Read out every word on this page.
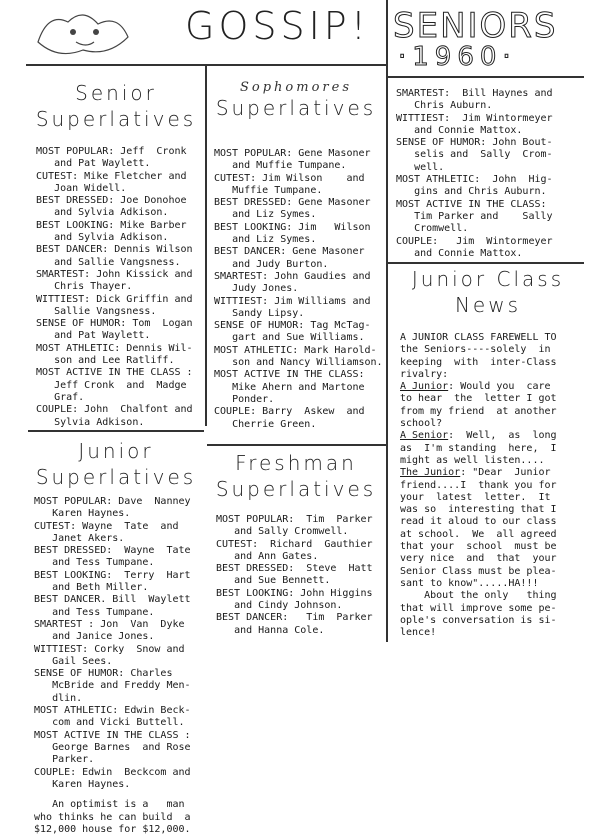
GOSSIP! SENIORS
·1960·
Senior
Superlatives

MOST POPULAR: Jeff  Cronk
and Pat Waylett.

CUTEST: Mike Fletcher and
Joan Widell.

BEST DRESSED: Joe Donohoe
and Sylvia Adkison.

BEST LOOKING: Mike Barber
and Sylvia Adkison.

BEST DANCER: Dennis Wilson
and Sallie Vangsness.

SMARTEST: John Kissick and
Chris Thayer.

WITTIEST: Dick Griffin and
Sallie Vangsness.

SENSE OF HUMOR: Tom  Logan
and Pat Waylett.

MOST ATHLETIC: Dennis Wil-
son and Lee Ratliff.

MOST ACTIVE IN THE CLASS :
Jeff Cronk  and  Madge
Graf.

COUPLE: John  Chalfont and
Sylvia Adkison.

Junior
Superlatives

MOST POPULAR: Dave  Nanney
Karen Haynes.

CUTEST: Wayne  Tate  and
Janet Akers.

BEST DRESSED:  Wayne  Tate
and Tess Tumpane.

BEST LOOKING:  Terry  Hart
and Beth Miller.

BEST DANCER. Bill  Waylett
and Tess Tumpane.

SMARTEST : Jon  Van  Dyke
and Janice Jones.

WITTIEST: Corky  Snow and
Gail Sees.

SENSE OF HUMOR: Charles
McBride and Freddy Men-
dlin.

MOST ATHLETIC: Edwin Beck-
com and Vicki Buttell.

MOST ACTIVE IN THE CLASS :
George Barnes  and Rose
Parker.

COUPLE: Edwin  Beckcom and
Karen Haynes.

An optimist is a   man
who thinks he can build  a
$12,000 house for $12,000.

Sophomores
Superlatives

MOST POPULAR: Gene Masoner
and Muffie Tumpane.

CUTEST: Jim Wilson    and
Muffie Tumpane.

BEST DRESSED: Gene Masoner
and Liz Symes.

BEST LOOKING: Jim   Wilson
and Liz Symes.

BEST DANCER: Gene Masoner
and Judy Burton.

SMARTEST: John Gaudies and
Judy Jones.

WITTIEST: Jim Williams and
Sandy Lipsy.

SENSE OF HUMOR: Tag McTag-
gart and Sue Williams.

MOST ATHLETIC: Mark Harold-
son and Nancy Williamson.

MOST ACTIVE IN THE CLASS:
Mike Ahern and Martone
Ponder.

COUPLE: Barry  Askew  and
Cherrie Green.

Freshman
Superlatives

MOST POPULAR:  Tim  Parker
and Sally Cromwell.

CUTEST:  Richard  Gauthier
and Ann Gates.

BEST DRESSED:  Steve  Hatt
and Sue Bennett.

BEST LOOKING: John Higgins
and Cindy Johnson.

BEST DANCER:   Tim  Parker
and Hanna Cole.

SMARTEST:  Bill Haynes and
Chris Auburn.

WITTIEST:  Jim Wintormeyer
and Connie Mattox.

SENSE OF HUMOR: John Bout-
selis and  Sally  Crom-
well.

MOST ATHLETIC:  John  Hig-
gins and Chris Auburn.

MOST ACTIVE IN THE CLASS:
Tim Parker and    Sally
Cromwell.

COUPLE:   Jim  Wintormeyer
and Connie Mattox.

Junior Class
News

A JUNIOR CLASS FAREWELL TO
the Seniors----solely  in
keeping  with  inter-Class
rivalry:

A Junior: Would you  care
to hear  the  letter I got
from my friend  at another
school?

A Senior:  Well,  as  long
as  I'm standing  here,  I
might as well listen....

The Junior: "Dear  Junior
friend....I  thank you for
your  latest  letter.  It
was so  interesting that I
read it aloud to our class
at school.  We  all agreed
that your  school  must be
very nice  and  that  your
Senior Class must be plea-
sant to know".....HA!!!

About the only   thing
that will improve some pe-
ople's conversation is si-
lence!
